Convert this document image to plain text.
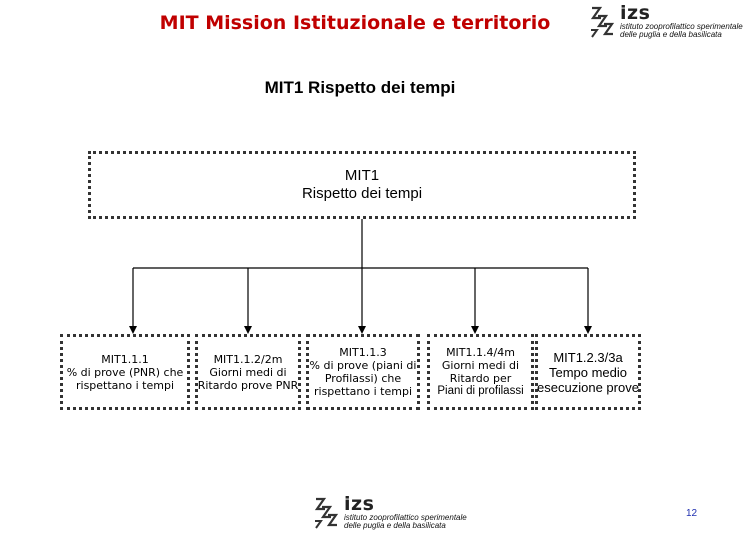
MIT Mission Istituzionale e territorio	izs
istituto zooprofilattico sperimentale
delle puglia e della basilicata
MIT1 Rispetto dei tempi
MIT1
Rispetto dei tempi
MIT1.1.1
% di prove (PNR) che
rispettano i tempi
MIT1.1.2/2m
Giorni medi di
Ritardo prove PNR
MIT1.1.3
% di prove (piani di
Profilassi) che
rispettano i tempi
MIT1.1.4/4m
Giorni medi di
Ritardo per
Piani di profilassi
MIT1.2.3/3a
Tempo medio
esecuzione prove
izs
istituto zooprofilattico sperimentale
delle puglia e della basilicata
12
